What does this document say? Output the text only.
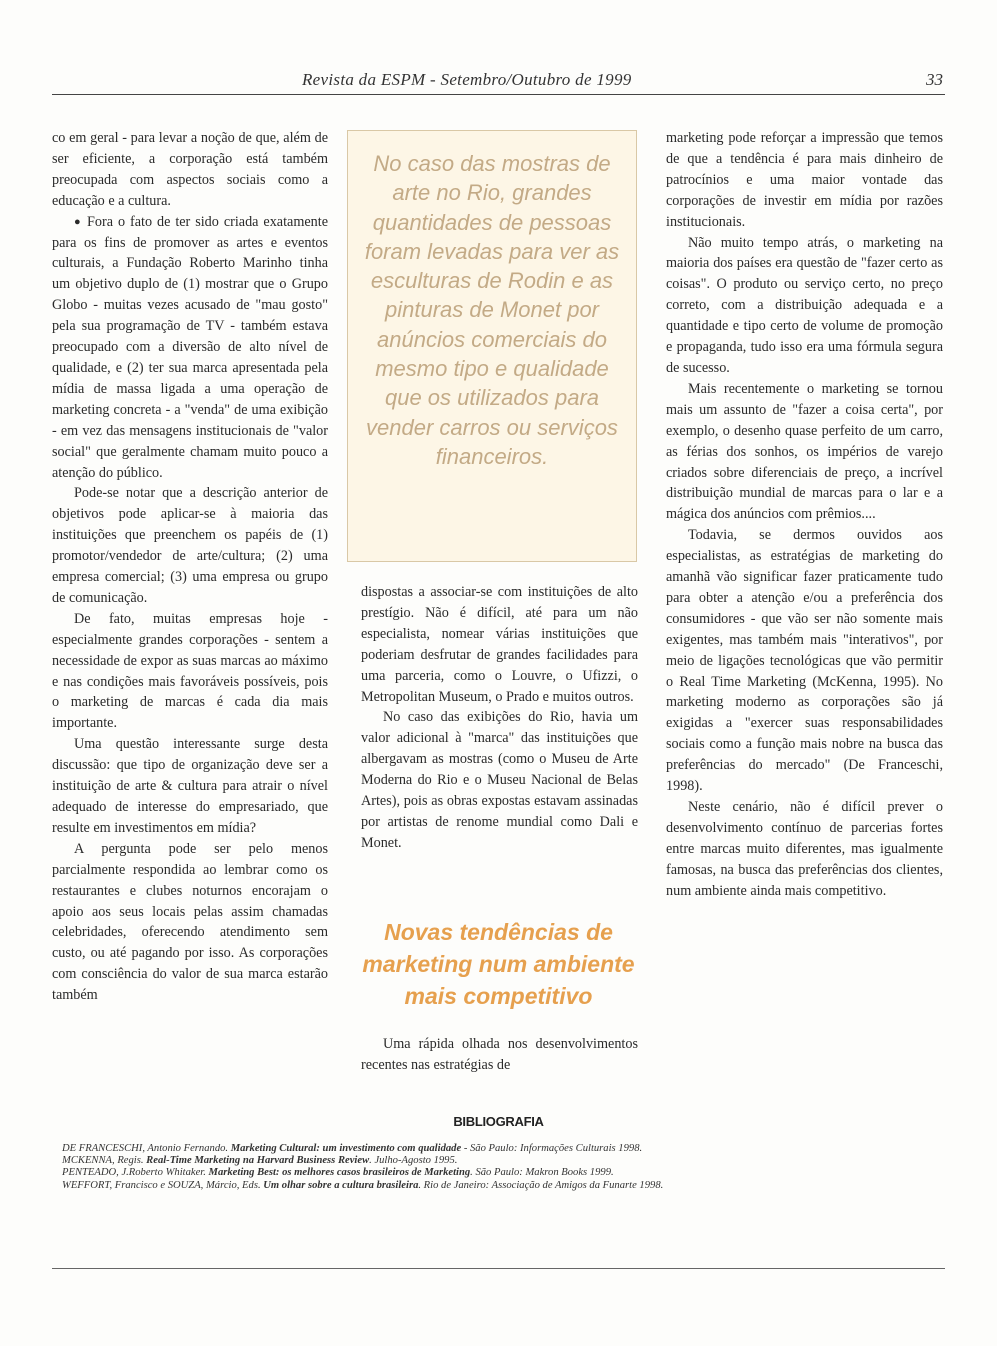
Revista da ESPM - Setembro/Outubro de 1999	33

co em geral - para levar a noção de que, além de ser eficiente, a corporação está também preocupada com aspectos sociais como a educação e a cultura.

● Fora o fato de ter sido criada exatamente para os fins de promover as artes e eventos culturais, a Fundação Roberto Marinho tinha um objetivo duplo de (1) mostrar que o Grupo Globo - muitas vezes acusado de "mau gosto" pela sua programação de TV - também estava preocupado com a diversão de alto nível de qualidade, e (2) ter sua marca apresentada pela mídia de massa ligada a uma operação de marketing concreta - a "venda" de uma exibição - em vez das mensagens institucionais de "valor social" que geralmente chamam muito pouco a atenção do público.

Pode-se notar que a descrição anterior de objetivos pode aplicar-se à maioria das instituições que preenchem os papéis de (1) promotor/vendedor de arte/cultura; (2) uma empresa comercial; (3) uma empresa ou grupo de comunicação.

De fato, muitas empresas hoje - especialmente grandes corporações - sentem a necessidade de expor as suas marcas ao máximo e nas condições mais favoráveis possíveis, pois o marketing de marcas é cada dia mais importante.

Uma questão interessante surge desta discussão: que tipo de organização deve ser a instituição de arte & cultura para atrair o nível adequado de interesse do empresariado, que resulte em investimentos em mídia?

A pergunta pode ser pelo menos parcialmente respondida ao lembrar como os restaurantes e clubes noturnos encorajam o apoio aos seus locais pelas assim chamadas celebridades, oferecendo atendimento sem custo, ou até pagando por isso. As corporações com consciência do valor de sua marca estarão também

No caso das mostras de arte no Rio, grandes quantidades de pessoas foram levadas para ver as esculturas de Rodin e as pinturas de Monet por anúncios comerciais do mesmo tipo e qualidade que os utilizados para vender carros ou serviços financeiros.

dispostas a associar-se com instituições de alto prestígio. Não é difícil, até para um não especialista, nomear várias instituições que poderiam desfrutar de grandes facilidades para uma parceria, como o Louvre, o Ufizzi, o Metropolitan Museum, o Prado e muitos outros.

No caso das exibições do Rio, havia um valor adicional à "marca" das instituições que albergavam as mostras (como o Museu de Arte Moderna do Rio e o Museu Nacional de Belas Artes), pois as obras expostas estavam assinadas por artistas de renome mundial como Dali e Monet.

Novas tendências de marketing num ambiente mais competitivo

Uma rápida olhada nos desenvolvimentos recentes nas estratégias de

marketing pode reforçar a impressão que temos de que a tendência é para mais dinheiro de patrocínios e uma maior vontade das corporações de investir em mídia por razões institucionais.

Não muito tempo atrás, o marketing na maioria dos países era questão de "fazer certo as coisas". O produto ou serviço certo, no preço correto, com a distribuição adequada e a quantidade e tipo certo de volume de promoção e propaganda, tudo isso era uma fórmula segura de sucesso.

Mais recentemente o marketing se tornou mais um assunto de "fazer a coisa certa", por exemplo, o desenho quase perfeito de um carro, as férias dos sonhos, os impérios de varejo criados sobre diferenciais de preço, a incrível distribuição mundial de marcas para o lar e a mágica dos anúncios com prêmios....

Todavia, se dermos ouvidos aos especialistas, as estratégias de marketing do amanhã vão significar fazer praticamente tudo para obter a atenção e/ou a preferência dos consumidores - que vão ser não somente mais exigentes, mas também mais "interativos", por meio de ligações tecnológicas que vão permitir o Real Time Marketing (McKenna, 1995). No marketing moderno as corporações são já exigidas a "exercer suas responsabilidades sociais como a função mais nobre na busca das preferências do mercado" (De Franceschi, 1998).

Neste cenário, não é difícil prever o desenvolvimento contínuo de parcerias fortes entre marcas muito diferentes, mas igualmente famosas, na busca das preferências dos clientes, num ambiente ainda mais competitivo.

BIBLIOGRAFIA
DE FRANCESCHI, Antonio Fernando. Marketing Cultural: um investimento com qualidade - São Paulo: Informações Culturais 1998.
MCKENNA, Regis. Real-Time Marketing na Harvard Business Review. Julho-Agosto 1995.
PENTEADO, J.Roberto Whitaker. Marketing Best: os melhores casos brasileiros de Marketing. São Paulo: Makron Books 1999.
WEFFORT, Francisco e SOUZA, Márcio, Eds. Um olhar sobre a cultura brasileira. Rio de Janeiro: Associação de Amigos da Funarte 1998.
